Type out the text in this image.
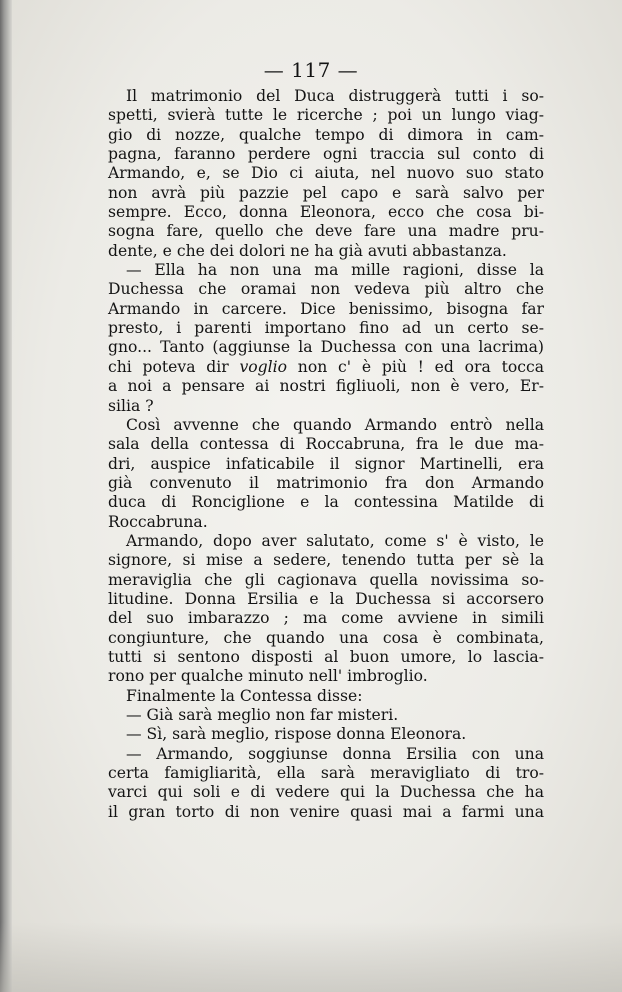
— 117 —
Il matrimonio del Duca distruggerà tutti i so-
spetti, svierà tutte le ricerche ; poi un lungo viag-
gio di nozze, qualche tempo di dimora in cam-
pagna, faranno perdere ogni traccia sul conto di
Armando, e, se Dio ci aiuta, nel nuovo suo stato
non avrà più pazzie pel capo e sarà salvo per
sempre. Ecco, donna Eleonora, ecco che cosa bi-
sogna fare, quello che deve fare una madre pru-
dente, e che dei dolori ne ha già avuti abbastanza.
— Ella ha non una ma mille ragioni, disse la
Duchessa che oramai non vedeva più altro che
Armando in carcere. Dice benissimo, bisogna far
presto, i parenti importano fino ad un certo se-
gno... Tanto (aggiunse la Duchessa con una lacrima)
chi poteva dir voglio non c' è più ! ed ora tocca
a noi a pensare ai nostri figliuoli, non è vero, Er-
silia ?
Così avvenne che quando Armando entrò nella
sala della contessa di Roccabruna, fra le due ma-
dri, auspice infaticabile il signor Martinelli, era
già convenuto il matrimonio fra don Armando
duca di Ronciglione e la contessina Matilde di
Roccabruna.
Armando, dopo aver salutato, come s' è visto, le
signore, si mise a sedere, tenendo tutta per sè la
meraviglia che gli cagionava quella novissima so-
litudine. Donna Ersilia e la Duchessa si accorsero
del suo imbarazzo ; ma come avviene in simili
congiunture, che quando una cosa è combinata,
tutti si sentono disposti al buon umore, lo lascia-
rono per qualche minuto nell' imbroglio.
Finalmente la Contessa disse:
— Già sarà meglio non far misteri.
— Sì, sarà meglio, rispose donna Eleonora.
— Armando, soggiunse donna Ersilia con una
certa famigliarità, ella sarà meravigliato di tro-
varci qui soli e di vedere qui la Duchessa che ha
il gran torto di non venire quasi mai a farmi una
